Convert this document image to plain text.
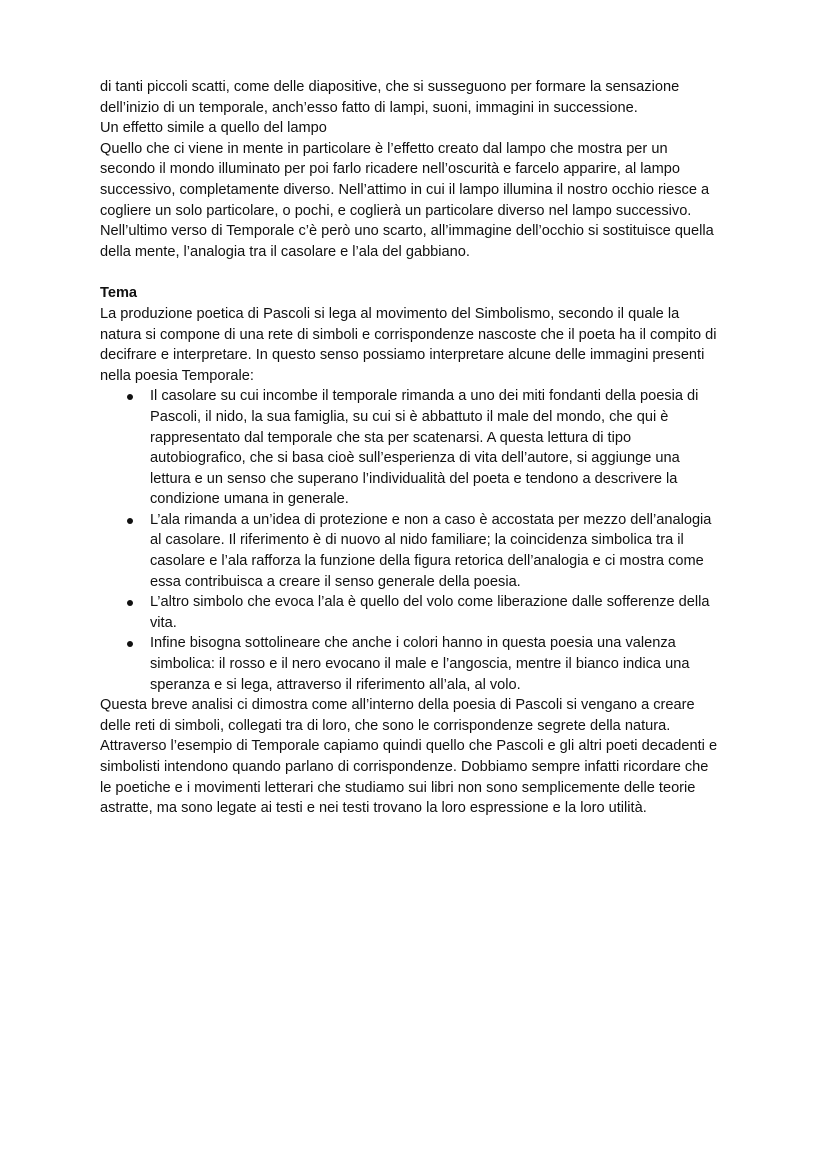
di tanti piccoli scatti, come delle diapositive, che si susseguono per formare la sensazione dell’inizio di un temporale, anch’esso fatto di lampi, suoni, immagini in successione.

Un effetto simile a quello del lampo

Quello che ci viene in mente in particolare è l’effetto creato dal lampo che mostra per un secondo il mondo illuminato per poi farlo ricadere nell’oscurità e farcelo apparire, al lampo successivo, completamente diverso. Nell’attimo in cui il lampo illumina il nostro occhio riesce a cogliere un solo particolare, o pochi, e coglierà un particolare diverso nel lampo successivo. Nell’ultimo verso di Temporale c’è però uno scarto, all’immagine dell’occhio si sostituisce quella della mente, l’analogia tra il casolare e l’ala del gabbiano.

Tema

La produzione poetica di Pascoli si lega al movimento del Simbolismo, secondo il quale la natura si compone di una rete di simboli e corrispondenze nascoste che il poeta ha il compito di decifrare e interpretare. In questo senso possiamo interpretare alcune delle immagini presenti nella poesia Temporale:

Il casolare su cui incombe il temporale rimanda a uno dei miti fondanti della poesia di Pascoli, il nido, la sua famiglia, su cui si è abbattuto il male del mondo, che qui è rappresentato dal temporale che sta per scatenarsi. A questa lettura di tipo autobiografico, che si basa cioè sull’esperienza di vita dell’autore, si aggiunge una lettura e un senso che superano l’individualità del poeta e tendono a descrivere la condizione umana in generale.
L’ala rimanda a un’idea di protezione e non a caso è accostata per mezzo dell’analogia al casolare. Il riferimento è di nuovo al nido familiare; la coincidenza simbolica tra il casolare e l’ala rafforza la funzione della figura retorica dell’analogia e ci mostra come essa contribuisca a creare il senso generale della poesia.
L’altro simbolo che evoca l’ala è quello del volo come liberazione dalle sofferenze della vita.
Infine bisogna sottolineare che anche i colori hanno in questa poesia una valenza simbolica: il rosso e il nero evocano il male e l’angoscia, mentre il bianco indica una speranza e si lega, attraverso il riferimento all’ala, al volo.

Questa breve analisi ci dimostra come all’interno della poesia di Pascoli si vengano a creare delle reti di simboli, collegati tra di loro, che sono le corrispondenze segrete della natura. Attraverso l’esempio di Temporale capiamo quindi quello che Pascoli e gli altri poeti decadenti e simbolisti intendono quando parlano di corrispondenze. Dobbiamo sempre infatti ricordare che le poetiche e i movimenti letterari che studiamo sui libri non sono semplicemente delle teorie astratte, ma sono legate ai testi e nei testi trovano la loro espressione e la loro utilità.
